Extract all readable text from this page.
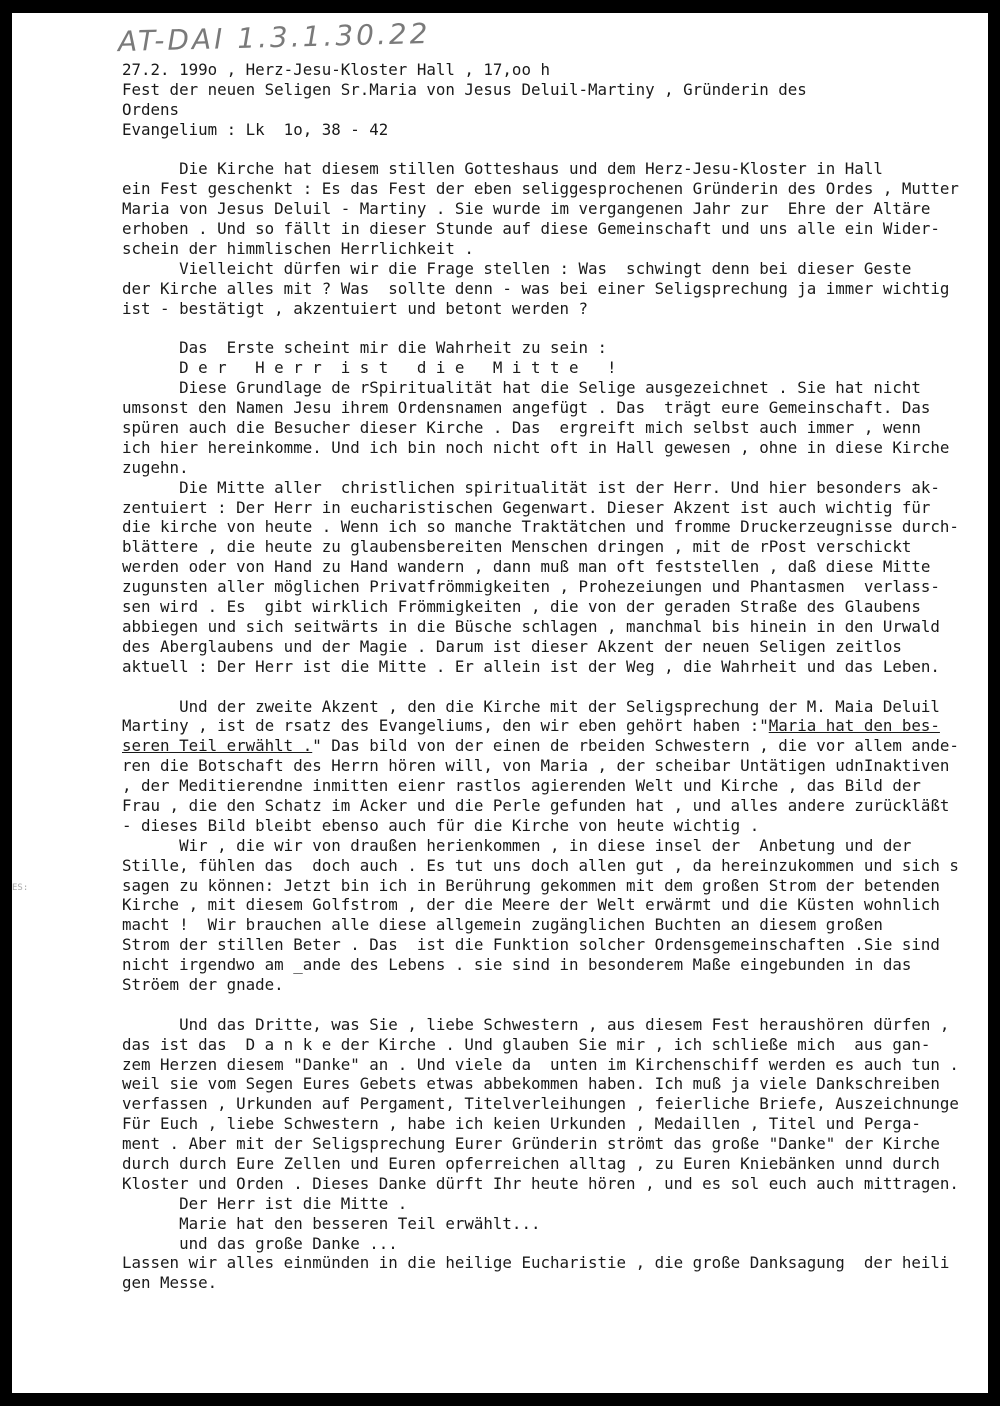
AT-DAI 1.3.1.30.22
ES:
27.2. 199o , Herz-Jesu-Kloster Hall , 17,oo h
Fest der neuen Seligen Sr.Maria von Jesus Deluil-Martiny , Gründerin des
Ordens
Evangelium : Lk  1o, 38 - 42
Die Kirche hat diesem stillen Gotteshaus und dem Herz-Jesu-Kloster in Hall
ein Fest geschenkt : Es das Fest der eben seliggesprochenen Gründerin des Ordes , Mutter
Maria von Jesus Deluil - Martiny . Sie wurde im vergangenen Jahr zur  Ehre der Altäre
erhoben . Und so fällt in dieser Stunde auf diese Gemeinschaft und uns alle ein Wider-
schein der himmlischen Herrlichkeit .
Vielleicht dürfen wir die Frage stellen : Was  schwingt denn bei dieser Geste
der Kirche alles mit ? Was  sollte denn - was bei einer Seligsprechung ja immer wichtig
ist - bestätigt , akzentuiert und betont werden ?
Das  Erste scheint mir die Wahrheit zu sein :
D e r   H e r r  i s t   d i e   M i t t e   !
Diese Grundlage de rSpiritualität hat die Selige ausgezeichnet . Sie hat nicht
umsonst den Namen Jesu ihrem Ordensnamen angefügt . Das  trägt eure Gemeinschaft. Das
spüren auch die Besucher dieser Kirche . Das  ergreift mich selbst auch immer , wenn
ich hier hereinkomme. Und ich bin noch nicht oft in Hall gewesen , ohne in diese Kirche
zugehn.
Die Mitte aller  christlichen spiritualität ist der Herr. Und hier besonders ak-
zentuiert : Der Herr in eucharistischen Gegenwart. Dieser Akzent ist auch wichtig für
die kirche von heute . Wenn ich so manche Traktätchen und fromme Druckerzeugnisse durch-
blättere , die heute zu glaubensbereiten Menschen dringen , mit de rPost verschickt
werden oder von Hand zu Hand wandern , dann muß man oft feststellen , daß diese Mitte
zugunsten aller möglichen Privatfrömmigkeiten , Prohezeiungen und Phantasmen  verlass-
sen wird . Es  gibt wirklich Frömmigkeiten , die von der geraden Straße des Glaubens
abbiegen und sich seitwärts in die Büsche schlagen , manchmal bis hinein in den Urwald
des Aberglaubens und der Magie . Darum ist dieser Akzent der neuen Seligen zeitlos
aktuell : Der Herr ist die Mitte . Er allein ist der Weg , die Wahrheit und das Leben.
Und der zweite Akzent , den die Kirche mit der Seligsprechung der M. Maia Deluil
Martiny , ist de rsatz des Evangeliums, den wir eben gehört haben :"Maria hat den bes-
seren Teil erwählt ." Das bild von der einen de rbeiden Schwestern , die vor allem ande-
ren die Botschaft des Herrn hören will, von Maria , der scheibar Untätigen udnInaktiven
, der Meditierendne inmitten eienr rastlos agierenden Welt und Kirche , das Bild der
Frau , die den Schatz im Acker und die Perle gefunden hat , und alles andere zurückläßt
- dieses Bild bleibt ebenso auch für die Kirche von heute wichtig .
Wir , die wir von draußen herienkommen , in diese insel der  Anbetung und der
Stille, fühlen das  doch auch . Es tut uns doch allen gut , da hereinzukommen und sich s
sagen zu können: Jetzt bin ich in Berührung gekommen mit dem großen Strom der betenden
Kirche , mit diesem Golfstrom , der die Meere der Welt erwärmt und die Küsten wohnlich
macht !  Wir brauchen alle diese allgemein zugänglichen Buchten an diesem großen
Strom der stillen Beter . Das  ist die Funktion solcher Ordensgemeinschaften .Sie sind
nicht irgendwo am _ande des Lebens . sie sind in besonderem Maße eingebunden in das
Ströem der gnade.
Und das Dritte, was Sie , liebe Schwestern , aus diesem Fest heraushören dürfen ,
das ist das  D a n k e der Kirche . Und glauben Sie mir , ich schließe mich  aus gan-
zem Herzen diesem "Danke" an . Und viele da  unten im Kirchenschiff werden es auch tun .
weil sie vom Segen Eures Gebets etwas abbekommen haben. Ich muß ja viele Dankschreiben
verfassen , Urkunden auf Pergament, Titelverleihungen , feierliche Briefe, Auszeichnunge
Für Euch , liebe Schwestern , habe ich keien Urkunden , Medaillen , Titel und Perga-
ment . Aber mit der Seligsprechung Eurer Gründerin strömt das große "Danke" der Kirche
durch durch Eure Zellen und Euren opferreichen alltag , zu Euren Kniebänken unnd durch
Kloster und Orden . Dieses Danke dürft Ihr heute hören , und es sol euch auch mittragen.
Der Herr ist die Mitte .
Marie hat den besseren Teil erwählt...
und das große Danke ...
Lassen wir alles einmünden in die heilige Eucharistie , die große Danksagung  der heili
gen Messe.
